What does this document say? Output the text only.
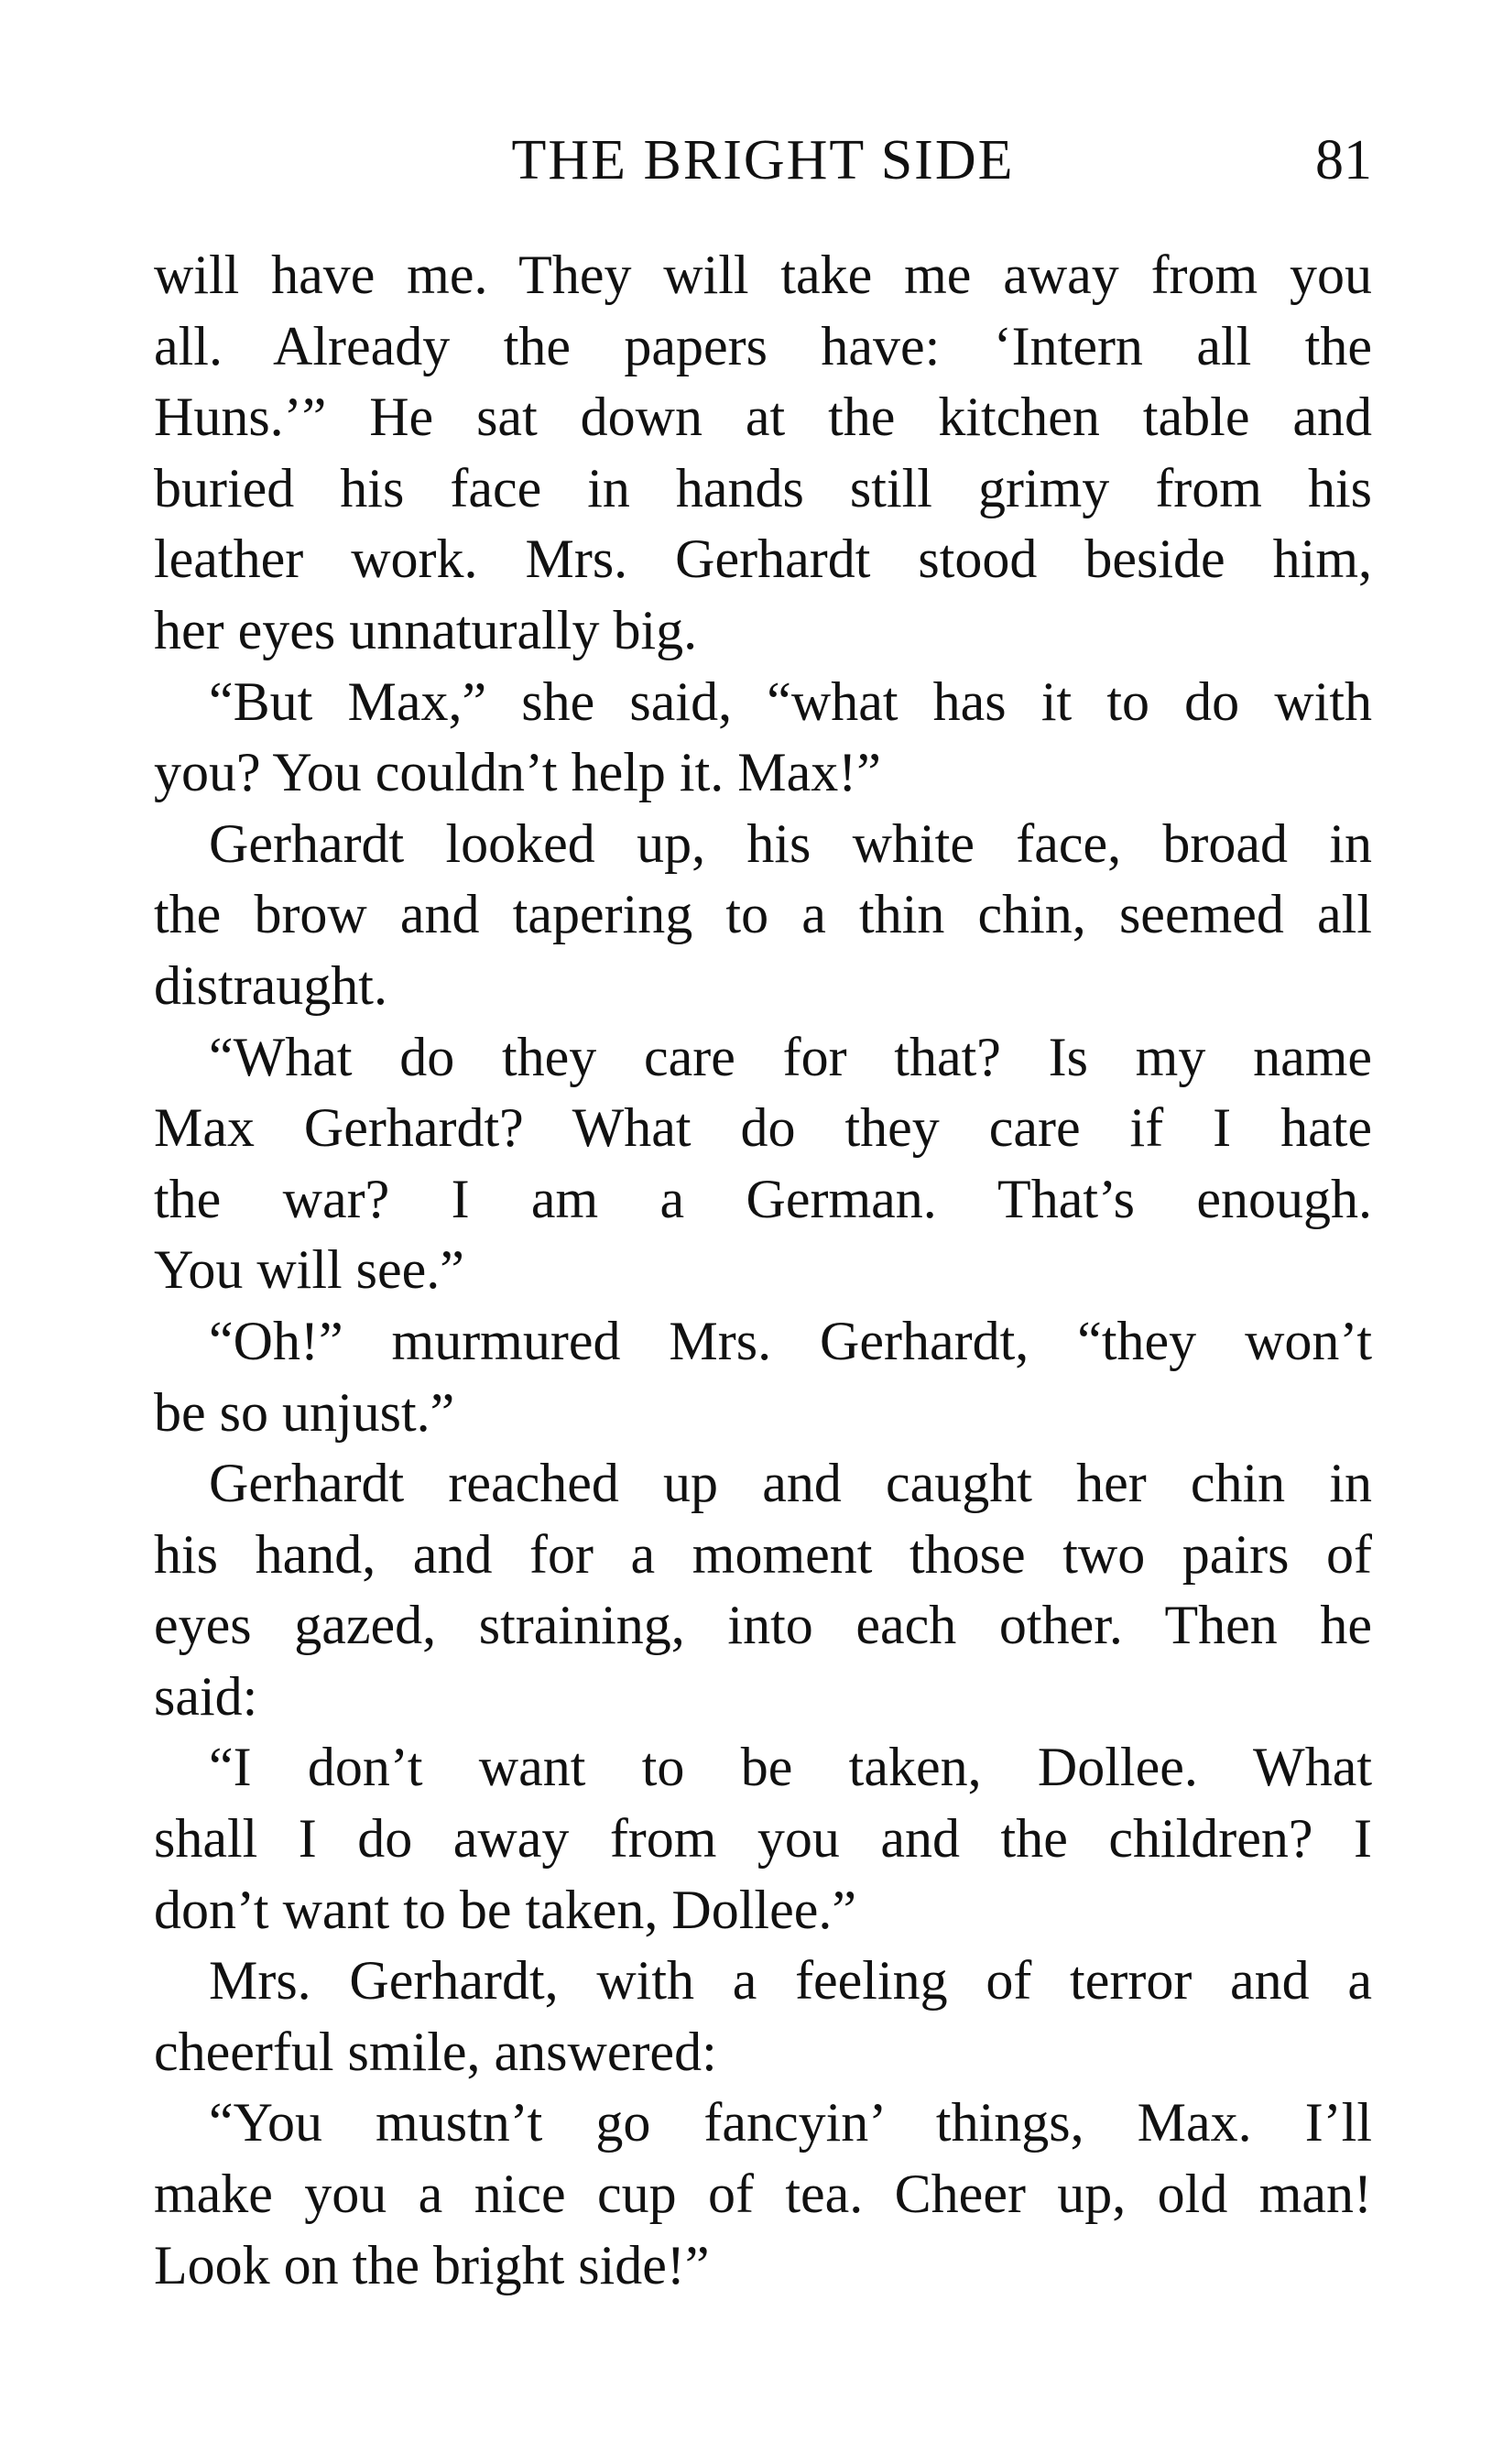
THE BRIGHT SIDE	81
will have me. They will take me away from you
all. Already the papers have: ‘Intern all the
Huns.’” He sat down at the kitchen table and
buried his face in hands still grimy from his
leather work. Mrs. Gerhardt stood beside him,
her eyes unnaturally big.
“But Max,” she said, “what has it to do with
you? You couldn’t help it. Max!”
Gerhardt looked up, his white face, broad in
the brow and tapering to a thin chin, seemed all
distraught.
“What do they care for that? Is my name
Max Gerhardt? What do they care if I hate
the war? I am a German. That’s enough.
You will see.”
“Oh!” murmured Mrs. Gerhardt, “they won’t
be so unjust.”
Gerhardt reached up and caught her chin in
his hand, and for a moment those two pairs of
eyes gazed, straining, into each other. Then he
said:
“I don’t want to be taken, Dollee. What
shall I do away from you and the children? I
don’t want to be taken, Dollee.”
Mrs. Gerhardt, with a feeling of terror and a
cheerful smile, answered:
“You mustn’t go fancyin’ things, Max. I’ll
make you a nice cup of tea. Cheer up, old man!
Look on the bright side!”
